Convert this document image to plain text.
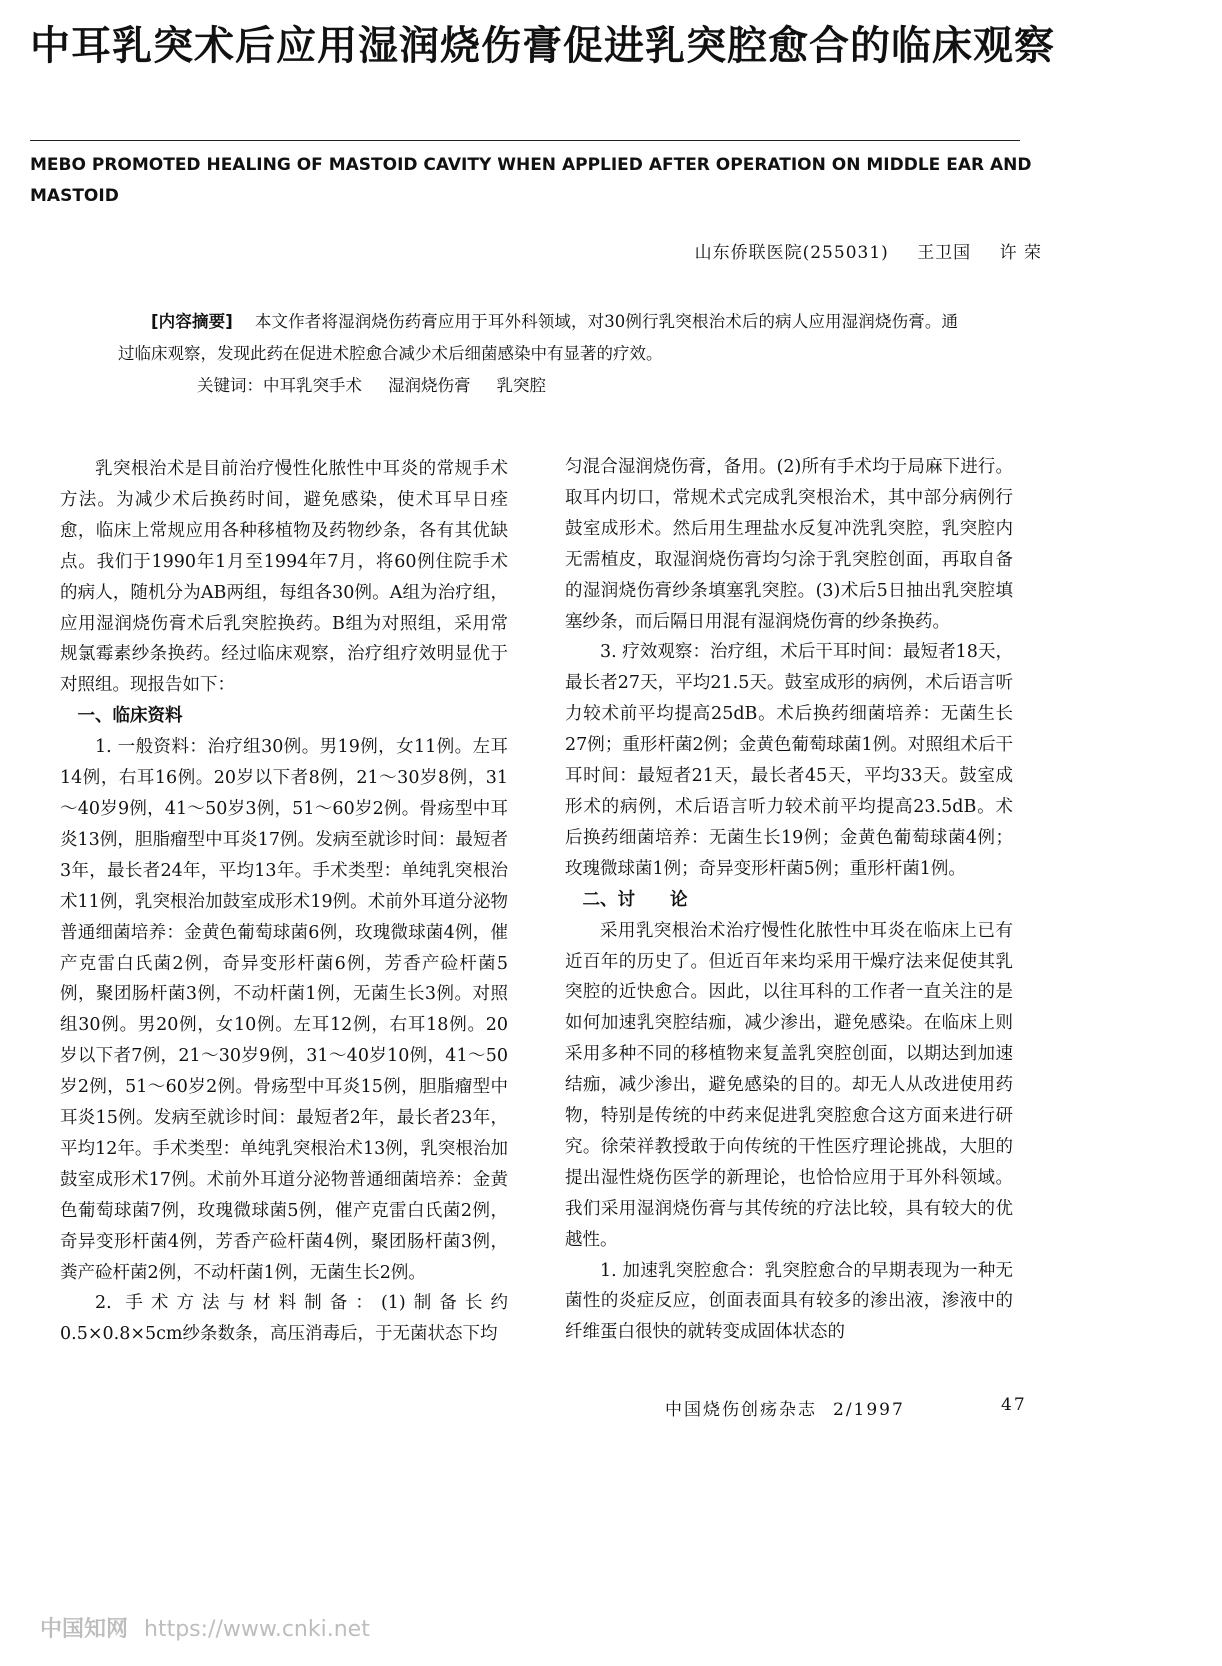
中耳乳突术后应用湿润烧伤膏促进乳突腔愈合的临床观察
MEBO PROMOTED HEALING OF MASTOID CAVITY WHEN APPLIED AFTER OPERATION ON MIDDLE EAR AND MASTOID
山东侨联医院(255031) 王卫国 许 荣

[内容摘要] 本文作者将湿润烧伤药膏应用于耳外科领域，对30例行乳突根治术后的病人应用湿润烧伤膏。通过临床观察，发现此药在促进术腔愈合减少术后细菌感染中有显著的疗效。

关键词：中耳乳突手术 湿润烧伤膏 乳突腔

乳突根治术是目前治疗慢性化脓性中耳炎的常规手术方法。为减少术后换药时间，避免感染，使术耳早日痊愈，临床上常规应用各种移植物及药物纱条，各有其优缺点。我们于1990年1月至1994年7月，将60例住院手术的病人，随机分为AB两组，每组各30例。A组为治疗组，应用湿润烧伤膏术后乳突腔换药。B组为对照组，采用常规氯霉素纱条换药。经过临床观察，治疗组疗效明显优于对照组。现报告如下：

一、临床资料

1. 一般资料：治疗组30例。男19例，女11例。左耳14例，右耳16例。20岁以下者8例，21～30岁8例，31～40岁9例，41～50岁3例，51～60岁2例。骨疡型中耳炎13例，胆脂瘤型中耳炎17例。发病至就诊时间：最短者3年，最长者24年，平均13年。手术类型：单纯乳突根治术11例，乳突根治加鼓室成形术19例。术前外耳道分泌物普通细菌培养：金黄色葡萄球菌6例，玫瑰微球菌4例，催产克雷白氏菌2例，奇异变形杆菌6例，芳香产硷杆菌5例，聚团肠杆菌3例，不动杆菌1例，无菌生长3例。对照组30例。男20例，女10例。左耳12例，右耳18例。20岁以下者7例，21～30岁9例，31～40岁10例，41～50岁2例，51～60岁2例。骨疡型中耳炎15例，胆脂瘤型中耳炎15例。发病至就诊时间：最短者2年，最长者23年，平均12年。手术类型：单纯乳突根治术13例，乳突根治加鼓室成形术17例。术前外耳道分泌物普通细菌培养：金黄色葡萄球菌7例，玫瑰微球菌5例，催产克雷白氏菌2例，奇异变形杆菌4例，芳香产硷杆菌4例，聚团肠杆菌3例，粪产硷杆菌2例，不动杆菌1例，无菌生长2例。

2. 手术方法与材料制备：(1)制备长约0.5×0.8×5cm纱条数条，高压消毒后，于无菌状态下均

匀混合湿润烧伤膏，备用。(2)所有手术均于局麻下进行。取耳内切口，常规术式完成乳突根治术，其中部分病例行鼓室成形术。然后用生理盐水反复冲洗乳突腔，乳突腔内无需植皮，取湿润烧伤膏均匀涂于乳突腔创面，再取自备的湿润烧伤膏纱条填塞乳突腔。(3)术后5日抽出乳突腔填塞纱条，而后隔日用混有湿润烧伤膏的纱条换药。

3. 疗效观察：治疗组，术后干耳时间：最短者18天，最长者27天，平均21.5天。鼓室成形的病例，术后语言听力较术前平均提高25dB。术后换药细菌培养：无菌生长27例；重形杆菌2例；金黄色葡萄球菌1例。对照组术后干耳时间：最短者21天，最长者45天，平均33天。鼓室成形术的病例，术后语言听力较术前平均提高23.5dB。术后换药细菌培养：无菌生长19例；金黄色葡萄球菌4例；玫瑰微球菌1例；奇异变形杆菌5例；重形杆菌1例。

二、讨　　论

采用乳突根治术治疗慢性化脓性中耳炎在临床上已有近百年的历史了。但近百年来均采用干燥疗法来促使其乳突腔的近快愈合。因此，以往耳科的工作者一直关注的是如何加速乳突腔结痂，减少渗出，避免感染。在临床上则采用多种不同的移植物来复盖乳突腔创面，以期达到加速结痂，减少渗出，避免感染的目的。却无人从改进使用药物，特别是传统的中药来促进乳突腔愈合这方面来进行研究。徐荣祥教授敢于向传统的干性医疗理论挑战，大胆的提出湿性烧伤医学的新理论，也恰恰应用于耳外科领域。我们采用湿润烧伤膏与其传统的疗法比较，具有较大的优越性。

1. 加速乳突腔愈合：乳突腔愈合的早期表现为一种无菌性的炎症反应，创面表面具有较多的渗出液，渗液中的纤维蛋白很快的就转变成固体状态的

中国烧伤创疡杂志 2/1997	47
中国知网 https://www.cnki.net
